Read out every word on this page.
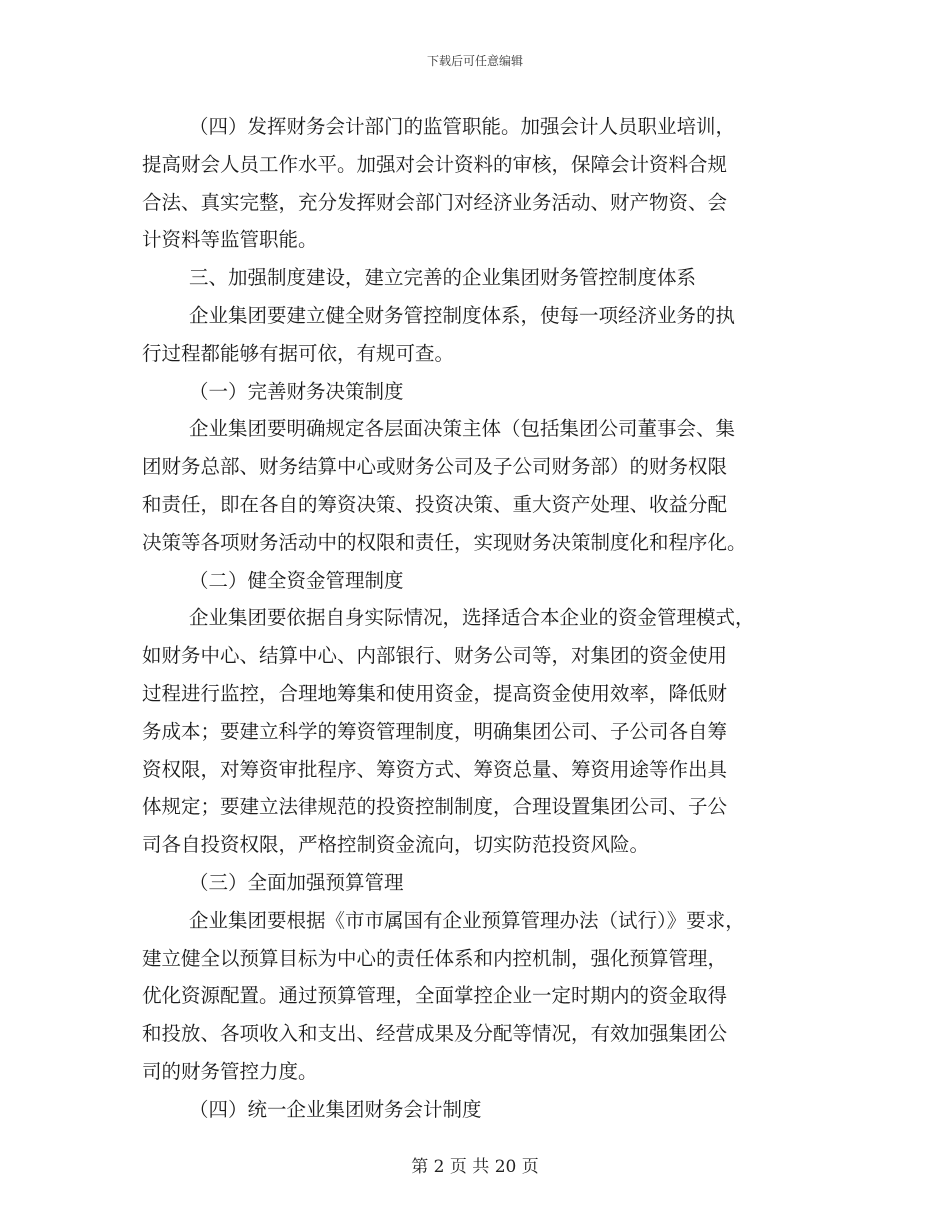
下载后可任意编辑
（四）发挥财务会计部门的监管职能。加强会计人员职业培训，
提高财会人员工作水平。加强对会计资料的审核，保障会计资料合规
合法、真实完整，充分发挥财会部门对经济业务活动、财产物资、会
计资料等监管职能。
三、加强制度建设，建立完善的企业集团财务管控制度体系
企业集团要建立健全财务管控制度体系，使每一项经济业务的执
行过程都能够有据可依，有规可查。
（一）完善财务决策制度
企业集团要明确规定各层面决策主体（包括集团公司董事会、集
团财务总部、财务结算中心或财务公司及子公司财务部）的财务权限
和责任，即在各自的筹资决策、投资决策、重大资产处理、收益分配
决策等各项财务活动中的权限和责任，实现财务决策制度化和程序化。
（二）健全资金管理制度
企业集团要依据自身实际情况，选择适合本企业的资金管理模式，
如财务中心、结算中心、内部银行、财务公司等，对集团的资金使用
过程进行监控，合理地筹集和使用资金，提高资金使用效率，降低财
务成本；要建立科学的筹资管理制度，明确集团公司、子公司各自筹
资权限，对筹资审批程序、筹资方式、筹资总量、筹资用途等作出具
体规定；要建立法律规范的投资控制制度，合理设置集团公司、子公
司各自投资权限，严格控制资金流向，切实防范投资风险。
（三）全面加强预算管理
企业集团要根据《市市属国有企业预算管理办法（试行）》要求，
建立健全以预算目标为中心的责任体系和内控机制，强化预算管理，
优化资源配置。通过预算管理，全面掌控企业一定时期内的资金取得
和投放、各项收入和支出、经营成果及分配等情况，有效加强集团公
司的财务管控力度。
（四）统一企业集团财务会计制度
第 2 页 共 20 页
